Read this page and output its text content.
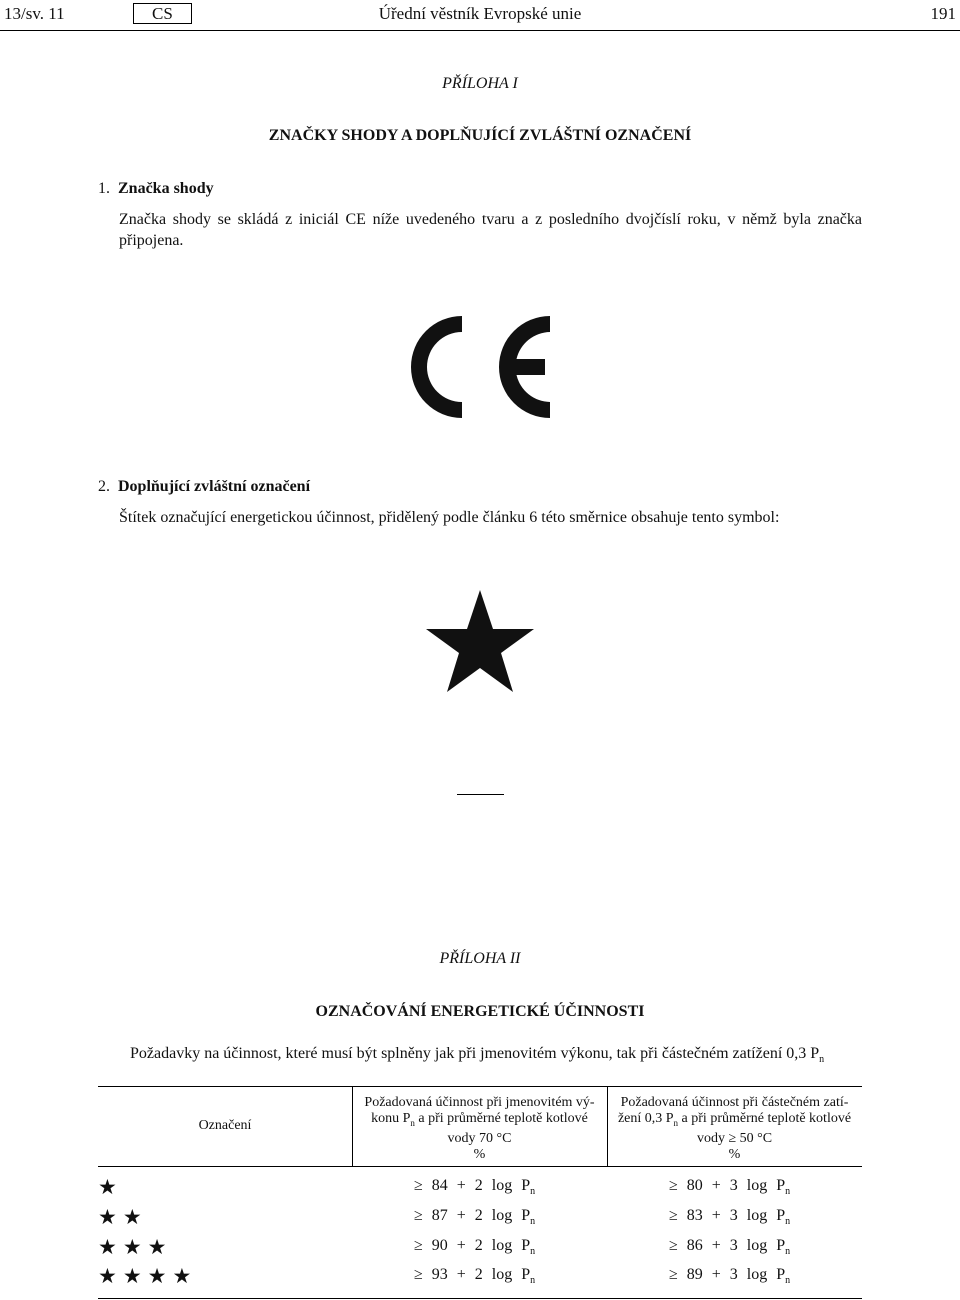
13/sv. 11	CS	Úřední věstník Evropské unie	191
PŘÍLOHA I
ZNAČKY SHODY A DOPLŇUJÍCÍ ZVLÁŠTNÍ OZNAČENÍ
1. Značka shody
Značka shody se skládá z iniciál CE níže uvedeného tvaru a z posledního dvojčíslí roku, v němž byla značka připojena.
2. Doplňující zvláštní označení
Štítek označující energetickou účinnost, přidělený podle článku 6 této směrnice obsahuje tento symbol:
PŘÍLOHA II
OZNAČOVÁNÍ ENERGETICKÉ ÚČINNOSTI
Požadavky na účinnost, které musí být splněny jak při jmenovitém výkonu, tak při částečném zatížení 0,3 $P_n$
Označení
Požadovaná účinnost při jmenovitém vý-
konu $P_n$ a při průměrné teplotě kotlové
vody 70 °C
%
Požadovaná účinnost při částečném zatí-
žení 0,3 $P_n$ a při průměrné teplotě kotlové
vody ≥ 50 °C
%
★	≥ 84 + 2 $\log P_n$	≥ 80 + 3 $\log P_n$
★★	≥ 87 + 2 $\log P_n$	≥ 83 + 3 $\log P_n$
★★★	≥ 90 + 2 $\log P_n$	≥ 86 + 3 $\log P_n$
★★★★	≥ 93 + 2 $\log P_n$	≥ 89 + 3 $\log P_n$
